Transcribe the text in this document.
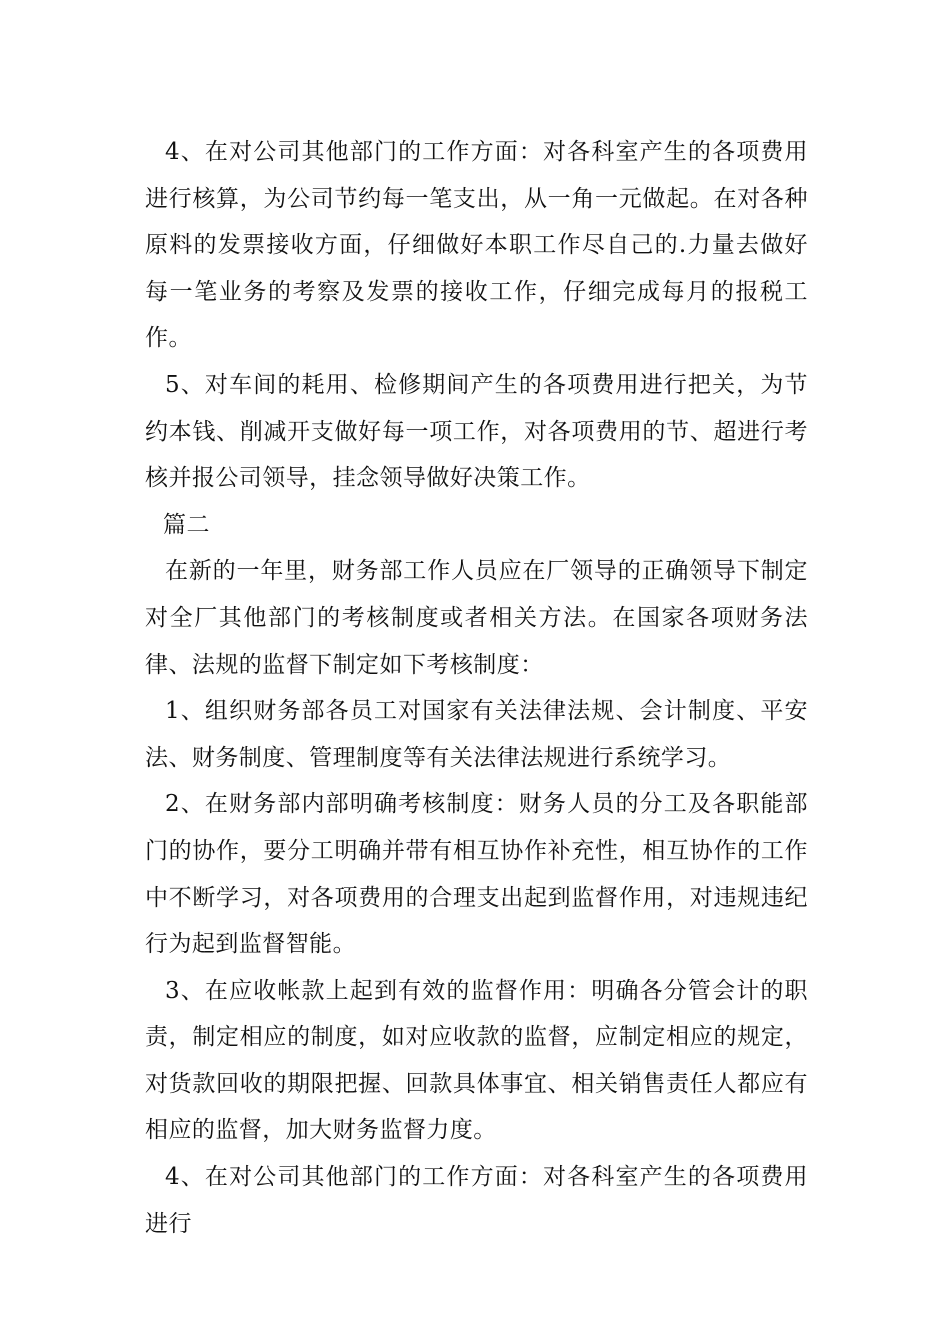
4、在对公司其他部门的工作方面：对各科室产生的各项费用进行核算，为公司节约每一笔支出，从一角一元做起。在对各种原料的发票接收方面，仔细做好本职工作尽自己的.力量去做好每一笔业务的考察及发票的接收工作，仔细完成每月的报税工作。

5、对车间的耗用、检修期间产生的各项费用进行把关，为节约本钱、削减开支做好每一项工作，对各项费用的节、超进行考核并报公司领导，挂念领导做好决策工作。

篇二

在新的一年里，财务部工作人员应在厂领导的正确领导下制定对全厂其他部门的考核制度或者相关方法。在国家各项财务法律、法规的监督下制定如下考核制度：

1、组织财务部各员工对国家有关法律法规、会计制度、平安法、财务制度、管理制度等有关法律法规进行系统学习。

2、在财务部内部明确考核制度：财务人员的分工及各职能部门的协作，要分工明确并带有相互协作补充性，相互协作的工作中不断学习，对各项费用的合理支出起到监督作用，对违规违纪行为起到监督智能。

3、在应收帐款上起到有效的监督作用：明确各分管会计的职责，制定相应的制度，如对应收款的监督，应制定相应的规定，对货款回收的期限把握、回款具体事宜、相关销售责任人都应有相应的监督，加大财务监督力度。

4、在对公司其他部门的工作方面：对各科室产生的各项费用进行
